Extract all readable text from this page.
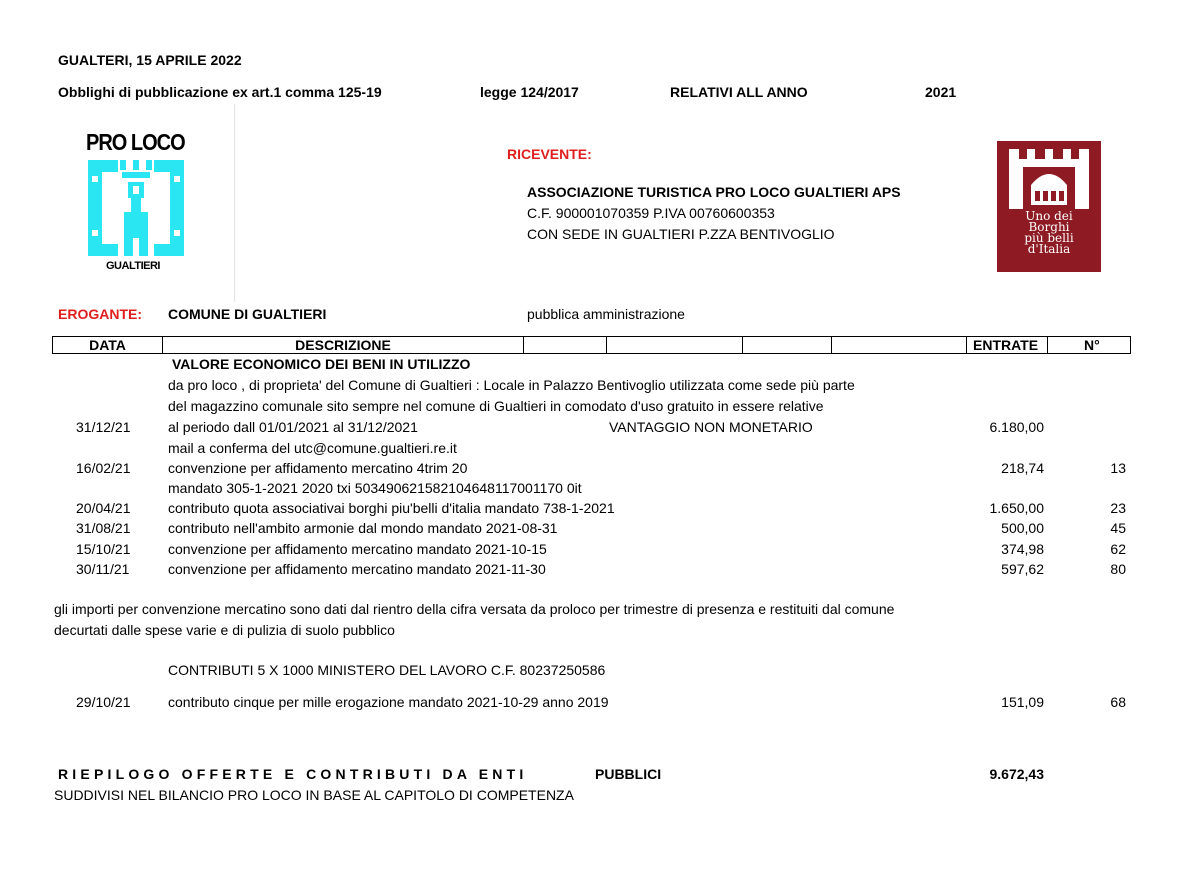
GUALTERI, 15 APRILE 2022
Obblighi di pubblicazione ex art.1 comma 125-19	legge 124/2017	RELATIVI ALL ANNO	2021
PRO LOCO
GUALTIERI
RICEVENTE:
ASSOCIAZIONE TURISTICA PRO LOCO GUALTIERI APS
C.F. 900001070359 P.IVA 00760600353
CON SEDE IN GUALTIERI P.ZZA BENTIVOGLIO
Uno dei
Borghi
più belli
d'Italia
EROGANTE: COMUNE DI GUALTIERI	pubblica amministrazione
DATA	DESCRIZIONE	ENTRATE	N°
VALORE ECONOMICO DEI BENI IN UTILIZZO
da pro loco , di proprieta' del Comune di Gualtieri : Locale in Palazzo Bentivoglio utilizzata come sede più parte
del magazzino comunale sito sempre nel comune di Gualtieri in comodato d'uso gratuito in essere relative
31/12/21	al periodo dall 01/01/2021 al 31/12/2021	VANTAGGIO NON MONETARIO	6.180,00
mail a conferma del utc@comune.gualtieri.re.it
16/02/21	convenzione per affidamento mercatino 4trim 20	218,74	13
mandato 305-1-2021 2020 txi 503490621582104648117001170 0it
20/04/21	contributo quota associativai borghi piu'belli d'italia mandato 738-1-2021	1.650,00	23
31/08/21	contributo nell'ambito armonie dal mondo mandato 2021-08-31	500,00	45
15/10/21	convenzione per affidamento mercatino mandato 2021-10-15	374,98	62
30/11/21	convenzione per affidamento mercatino mandato 2021-11-30	597,62	80
gli importi per convenzione mercatino sono dati dal rientro della cifra versata da proloco per trimestre di presenza e restituiti dal comune
decurtati dalle spese varie e di pulizia di suolo pubblico
CONTRIBUTI 5 X 1000 MINISTERO DEL LAVORO C.F. 80237250586
29/10/21	contributo cinque per mille erogazione mandato 2021-10-29 anno 2019	151,09	68
RIEPILOGO OFFERTE E CONTRIBUTI DA ENTI	PUBBLICI	9.672,43
SUDDIVISI NEL BILANCIO PRO LOCO IN BASE AL CAPITOLO DI COMPETENZA
